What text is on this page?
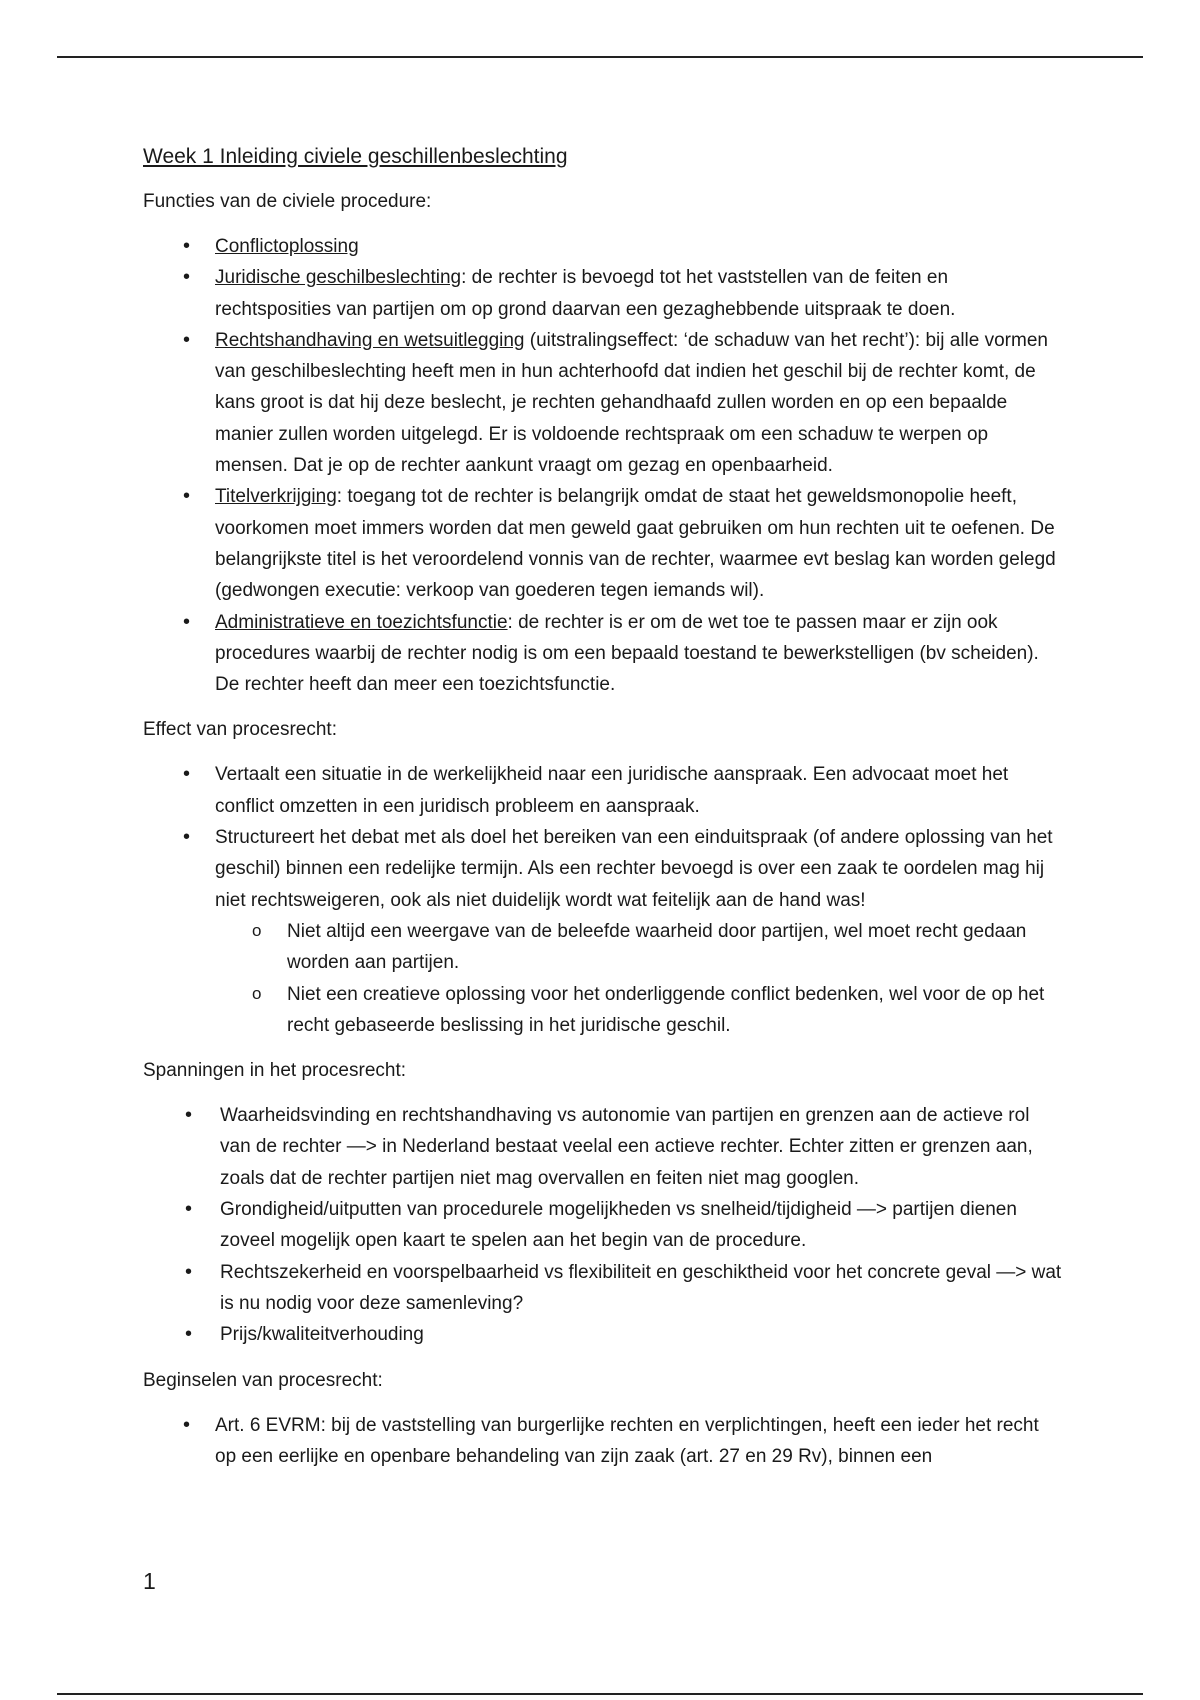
Week 1 Inleiding civiele geschillenbeslechting
Functies van de civiele procedure:
• Conflictoplossing
• Juridische geschilbeslechting: de rechter is bevoegd tot het vaststellen van de feiten en rechtsposities van partijen om op grond daarvan een gezaghebbende uitspraak te doen.
• Rechtshandhaving en wetsuitlegging (uitstralingseffect: ‘de schaduw van het recht’): bij alle vormen van geschilbeslechting heeft men in hun achterhoofd dat indien het geschil bij de rechter komt, de kans groot is dat hij deze beslecht, je rechten gehandhaafd zullen worden en op een bepaalde manier zullen worden uitgelegd. Er is voldoende rechtspraak om een schaduw te werpen op mensen. Dat je op de rechter aankunt vraagt om gezag en openbaarheid.
• Titelverkrijging: toegang tot de rechter is belangrijk omdat de staat het geweldsmonopolie heeft, voorkomen moet immers worden dat men geweld gaat gebruiken om hun rechten uit te oefenen. De belangrijkste titel is het veroordelend vonnis van de rechter, waarmee evt beslag kan worden gelegd (gedwongen executie: verkoop van goederen tegen iemands wil).
• Administratieve en toezichtsfunctie: de rechter is er om de wet toe te passen maar er zijn ook procedures waarbij de rechter nodig is om een bepaald toestand te bewerkstelligen (bv scheiden). De rechter heeft dan meer een toezichtsfunctie.
Effect van procesrecht:
• Vertaalt een situatie in de werkelijkheid naar een juridische aanspraak. Een advocaat moet het conflict omzetten in een juridisch probleem en aanspraak.
• Structureert het debat met als doel het bereiken van een einduitspraak (of andere oplossing van het geschil) binnen een redelijke termijn. Als een rechter bevoegd is over een zaak te oordelen mag hij niet rechtsweigeren, ook als niet duidelijk wordt wat feitelijk aan de hand was!
o Niet altijd een weergave van de beleefde waarheid door partijen, wel moet recht gedaan worden aan partijen.
o Niet een creatieve oplossing voor het onderliggende conflict bedenken, wel voor de op het recht gebaseerde beslissing in het juridische geschil.
Spanningen in het procesrecht:
• Waarheidsvinding en rechtshandhaving vs autonomie van partijen en grenzen aan de actieve rol van de rechter —> in Nederland bestaat veelal een actieve rechter. Echter zitten er grenzen aan, zoals dat de rechter partijen niet mag overvallen en feiten niet mag googlen.
• Grondigheid/uitputten van procedurele mogelijkheden vs snelheid/tijdigheid —> partijen dienen zoveel mogelijk open kaart te spelen aan het begin van de procedure.
• Rechtszekerheid en voorspelbaarheid vs flexibiliteit en geschiktheid voor het concrete geval —> wat is nu nodig voor deze samenleving?
• Prijs/kwaliteitverhouding
Beginselen van procesrecht:
• Art. 6 EVRM: bij de vaststelling van burgerlijke rechten en verplichtingen, heeft een ieder het recht op een eerlijke en openbare behandeling van zijn zaak (art. 27 en 29 Rv), binnen een
1
